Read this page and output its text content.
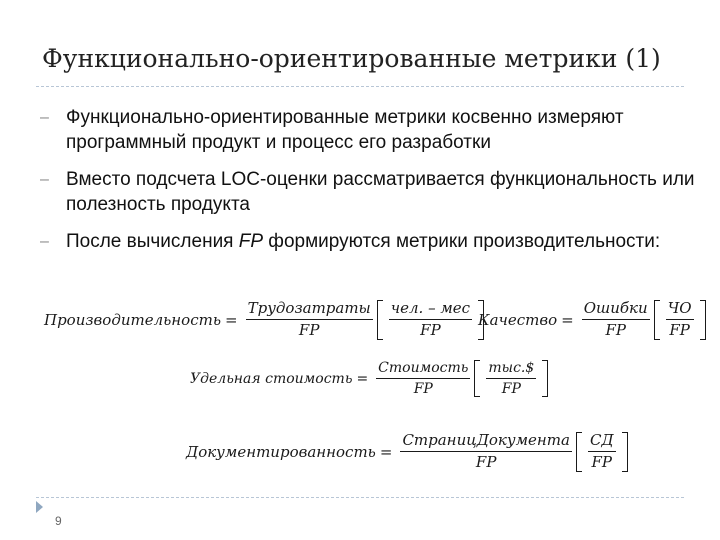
Функционально-ориентированные метрики (1)
– Функционально-ориентированные метрики косвенно измеряют программный продукт и процесс его разработки
– Вместо подсчета LOC-оценки рассматривается функциональность или полезность продукта
– После вычисления FP формируются метрики производительности:
Производительность = $\frac{\text{Трудозатраты}}{FP} \frac{\text{чел. – мес}}{FP}$ Качество = $\frac{\text{Ошибки}}{FP} \frac{ЧО}{FP}$
Удельная стоимость = $\frac{\text{Стоимость}}{FP} \frac{\text{тыс.\$}}{FP}$
Документированность = $\frac{\text{СтраницДокумента}}{FP} \frac{СД}{FP}$
9
